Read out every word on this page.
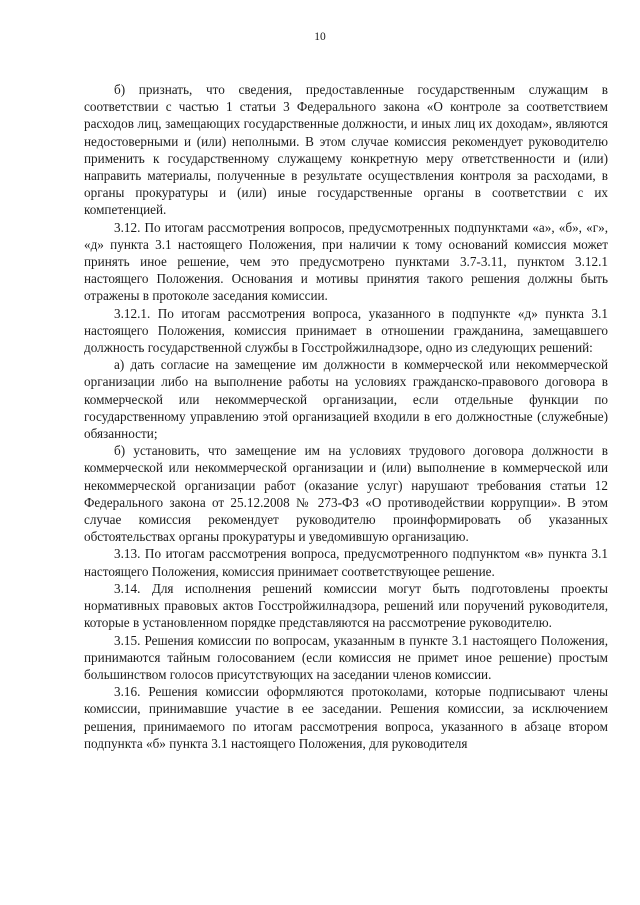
10

б) признать, что сведения, предоставленные государственным служащим в соответствии с частью 1 статьи 3 Федерального закона «О контроле за соответствием расходов лиц, замещающих государственные должности, и иных лиц их доходам», являются недостоверными и (или) неполными. В этом случае комиссия рекомендует руководителю применить к государственному служащему конкретную меру ответственности и (или) направить материалы, полученные в результате осуществления контроля за расходами, в органы прокуратуры и (или) иные государственные органы в соответствии с их компетенцией.

3.12. По итогам рассмотрения вопросов, предусмотренных подпунктами «а», «б», «г», «д» пункта 3.1 настоящего Положения, при наличии к тому оснований комиссия может принять иное решение, чем это предусмотрено пунктами 3.7-3.11, пунктом 3.12.1 настоящего Положения. Основания и мотивы принятия такого решения должны быть отражены в протоколе заседания комиссии.

3.12.1. По итогам рассмотрения вопроса, указанного в подпункте «д» пункта 3.1 настоящего Положения, комиссия принимает в отношении гражданина, замещавшего должность государственной службы в Госстройжилнадзоре, одно из следующих решений:

а) дать согласие на замещение им должности в коммерческой или некоммерческой организации либо на выполнение работы на условиях гражданско-правового договора в коммерческой или некоммерческой организации, если отдельные функции по государственному управлению этой организацией входили в его должностные (служебные) обязанности;

б) установить, что замещение им на условиях трудового договора должности в коммерческой или некоммерческой организации и (или) выполнение в коммерческой или некоммерческой организации работ (оказание услуг) нарушают требования статьи 12 Федерального закона от 25.12.2008 № 273-ФЗ «О противодействии коррупции». В этом случае комиссия рекомендует руководителю проинформировать об указанных обстоятельствах органы прокуратуры и уведомившую организацию.

3.13. По итогам рассмотрения вопроса, предусмотренного подпунктом «в» пункта 3.1 настоящего Положения, комиссия принимает соответствующее решение.

3.14. Для исполнения решений комиссии могут быть подготовлены проекты нормативных правовых актов Госстройжилнадзора, решений или поручений руководителя, которые в установленном порядке представляются на рассмотрение руководителю.

3.15. Решения комиссии по вопросам, указанным в пункте 3.1 настоящего Положения, принимаются тайным голосованием (если комиссия не примет иное решение) простым большинством голосов присутствующих на заседании членов комиссии.

3.16. Решения комиссии оформляются протоколами, которые подписывают члены комиссии, принимавшие участие в ее заседании. Решения комиссии, за исключением решения, принимаемого по итогам рассмотрения вопроса, указанного в абзаце втором подпункта «б» пункта 3.1 настоящего Положения, для руководителя
